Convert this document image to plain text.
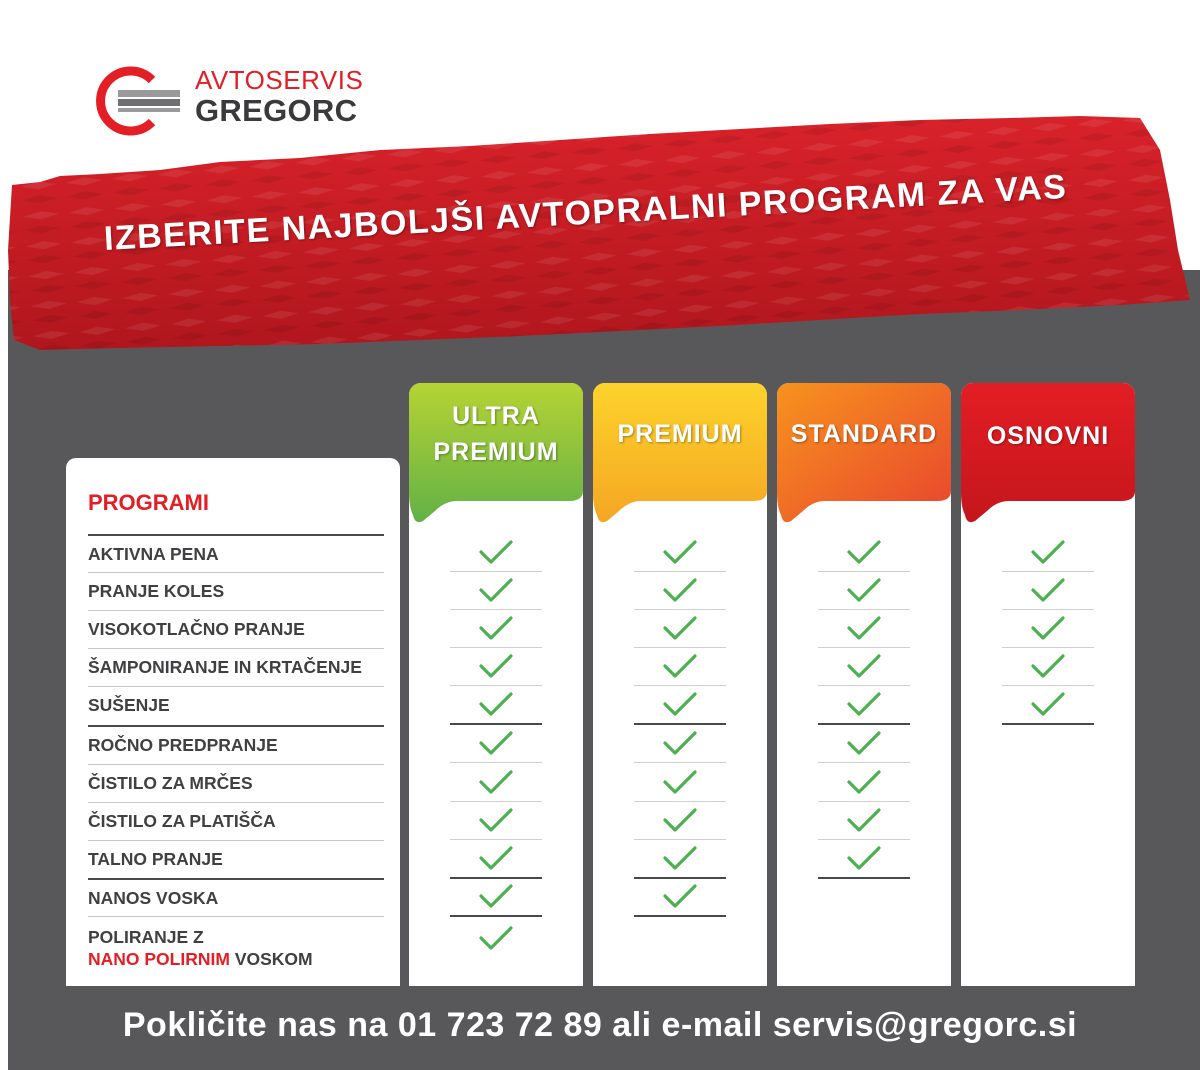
AVTOSERVIS
GREGORC
IZBERITE NAJBOLJŠI AVTOPRALNI PROGRAM ZA VAS
PROGRAMI
AKTIVNA PENA
PRANJE KOLES
VISOKOTLAČNO PRANJE
ŠAMPONIRANJE IN KRTAČENJE
SUŠENJE
ROČNO PREDPRANJE
ČISTILO ZA MRČES
ČISTILO ZA PLATIŠČA
TALNO PRANJE
NANOS VOSKA
POLIRANJE Z
NANO POLIRNIM VOSKOM
ULTRA
PREMIUM
PREMIUM	STANDARD	OSNOVNI
Pokličite nas na 01 723 72 89 ali e-mail servis@gregorc.si
